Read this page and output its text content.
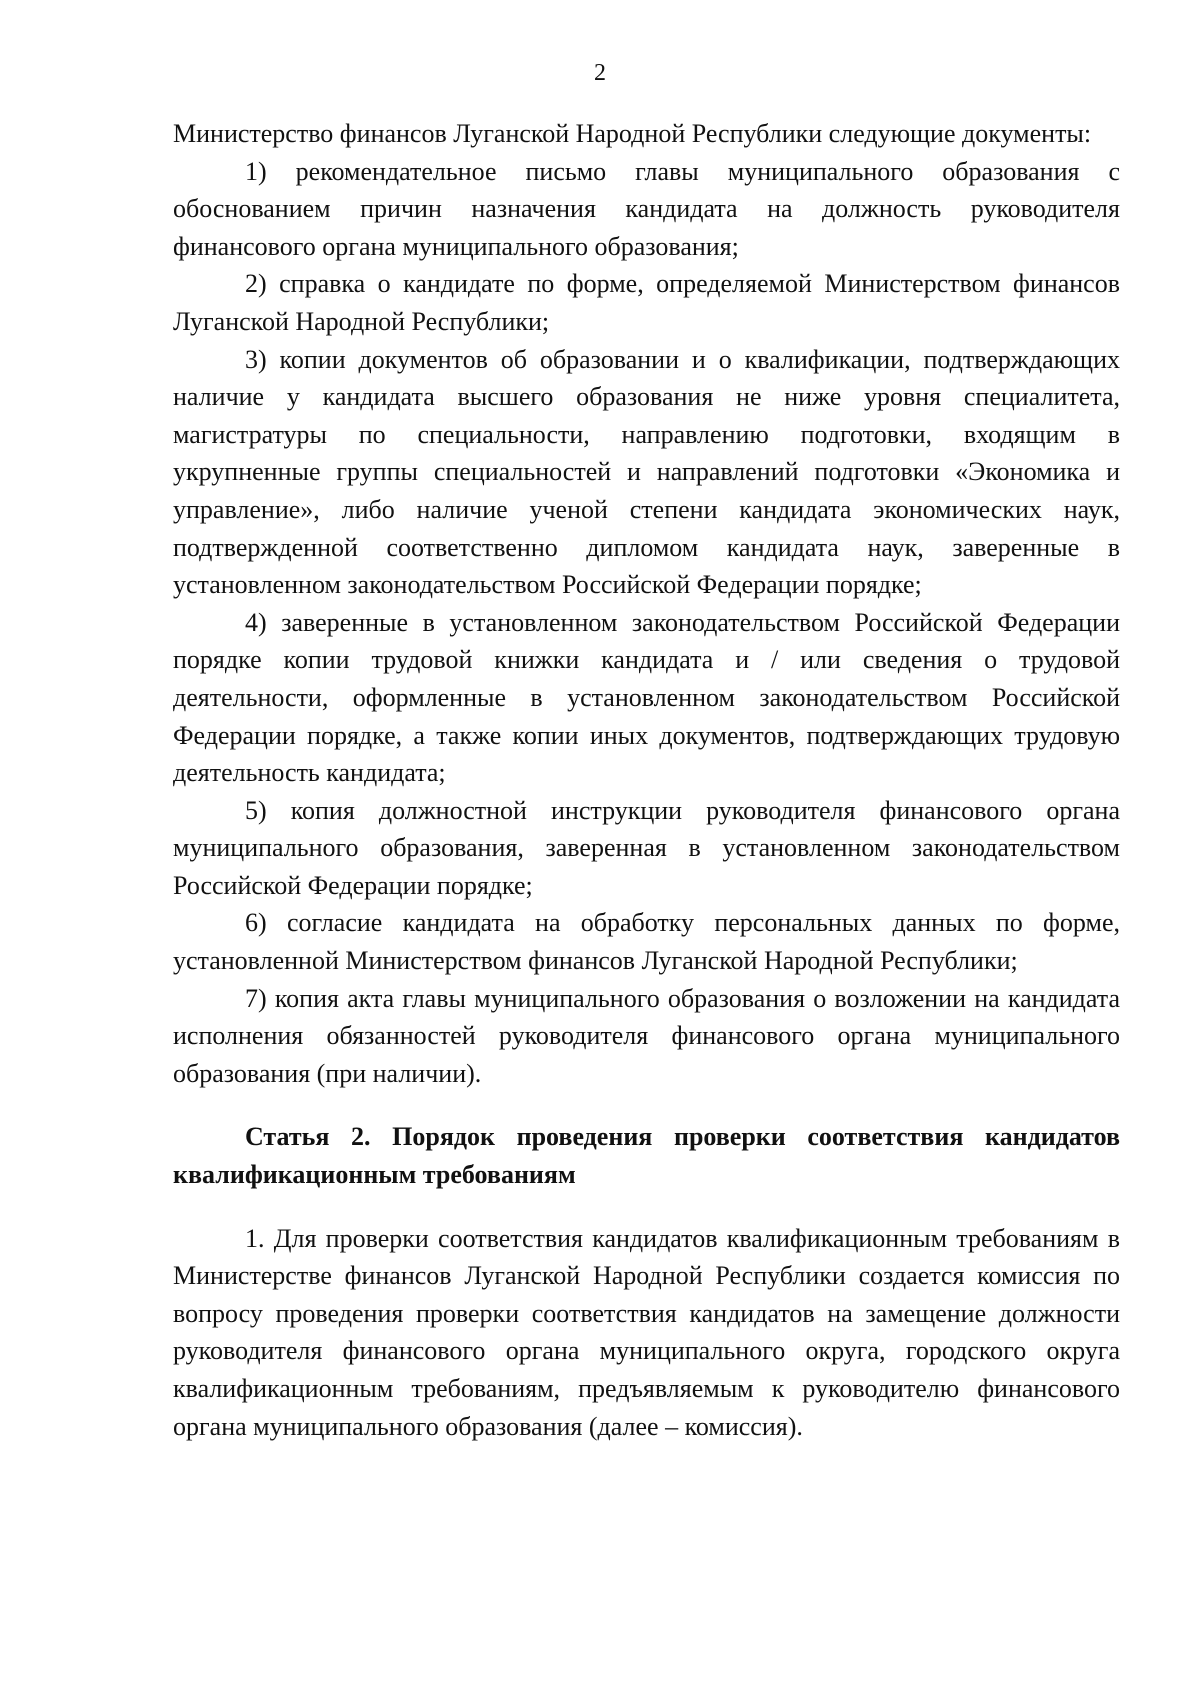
2

Министерство финансов Луганской Народной Республики следующие документы:

1) рекомендательное письмо главы муниципального образования с обоснованием причин назначения кандидата на должность руководителя финансового органа муниципального образования;

2) справка о кандидате по форме, определяемой Министерством финансов Луганской Народной Республики;

3) копии документов об образовании и о квалификации, подтверждающих наличие у кандидата высшего образования не ниже уровня специалитета, магистратуры по специальности, направлению подготовки, входящим в укрупненные группы специальностей и направлений подготовки «Экономика и управление», либо наличие ученой степени кандидата экономических наук, подтвержденной соответственно дипломом кандидата наук, заверенные в установленном законодательством Российской Федерации порядке;

4) заверенные в установленном законодательством Российской Федерации порядке копии трудовой книжки кандидата и / или сведения о трудовой деятельности, оформленные в установленном законодательством Российской Федерации порядке, а также копии иных документов, подтверждающих трудовую деятельность кандидата;

5) копия должностной инструкции руководителя финансового органа муниципального образования, заверенная в установленном законодательством Российской Федерации порядке;

6) согласие кандидата на обработку персональных данных по форме, установленной Министерством финансов Луганской Народной Республики;

7) копия акта главы муниципального образования о возложении на кандидата исполнения обязанностей руководителя финансового органа муниципального образования (при наличии).

Статья 2. Порядок проведения проверки соответствия кандидатов квалификационным требованиям

1. Для проверки соответствия кандидатов квалификационным требованиям в Министерстве финансов Луганской Народной Республики создается комиссия по вопросу проведения проверки соответствия кандидатов на замещение должности руководителя финансового органа муниципального округа, городского округа квалификационным требованиям, предъявляемым к руководителю финансового органа муниципального образования (далее – комиссия).
